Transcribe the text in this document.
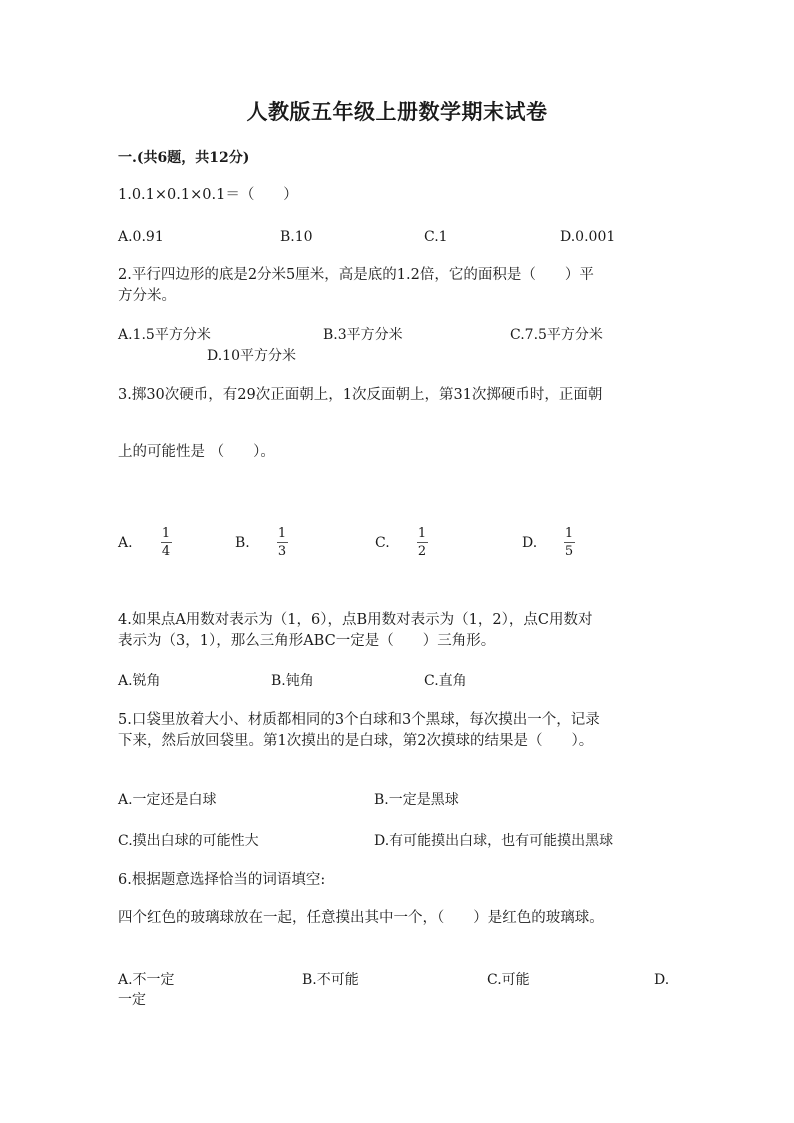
人教版五年级上册数学期末试卷
一.(共6题，共12分)
1.0.1×0.1×0.1＝（　　）
A.0.91	B.10	C.1	D.0.001
2.平行四边形的底是2分米5厘米，高是底的1.2倍，它的面积是（　　）平
方分米。
A.1.5平方分米	B.3平方分米	C.7.5平方分米
D.10平方分米
3.掷30次硬币，有29次正面朝上，1次反面朝上，第31次掷硬币时，正面朝
上的可能性是 （　　）。
A.
1
4
B.
1
3
C.
1
2
D.
1
5
4.如果点A用数对表示为（1，6），点B用数对表示为（1，2），点C用数对
表示为（3，1），那么三角形ABC一定是（　　）三角形。
A.锐角	B.钝角	C.直角
5.口袋里放着大小、材质都相同的3个白球和3个黑球，每次摸出一个，记录
下来，然后放回袋里。第1次摸出的是白球，第2次摸球的结果是（　　）。
A.一定还是白球	B.一定是黑球
C.摸出白球的可能性大	D.有可能摸出白球，也有可能摸出黑球
6.根据题意选择恰当的词语填空:
四个红色的玻璃球放在一起，任意摸出其中一个，（　　）是红色的玻璃球。
A.不一定	B.不可能	C.可能	D.
一定
